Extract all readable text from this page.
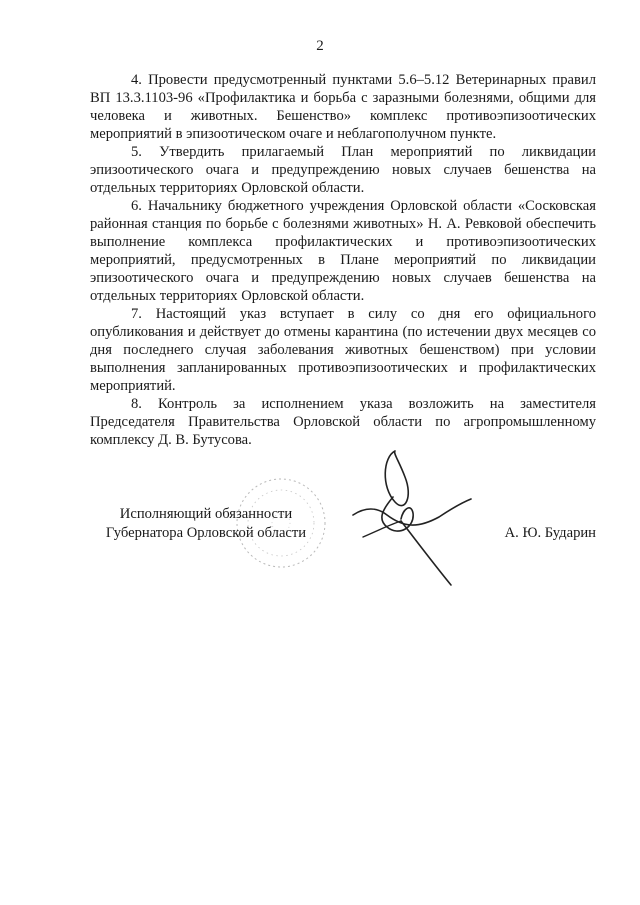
2

4. Провести предусмотренный пунктами 5.6–5.12 Ветеринарных правил ВП 13.3.1103-96 «Профилактика и борьба с заразными болезнями, общими для человека и животных. Бешенство» комплекс противоэпизоотических мероприятий в эпизоотическом очаге и неблагополучном пункте.

5. Утвердить прилагаемый План мероприятий по ликвидации эпизоотического очага и предупреждению новых случаев бешенства на отдельных территориях Орловской области.

6. Начальнику бюджетного учреждения Орловской области «Сосковская районная станция по борьбе с болезнями животных» Н. А. Ревковой обеспечить выполнение комплекса профилактических и противоэпизоотических мероприятий, предусмотренных в Плане мероприятий по ликвидации эпизоотического очага и предупреждению новых случаев бешенства на отдельных территориях Орловской области.

7. Настоящий указ вступает в силу со дня его официального опубликования и действует до отмены карантина (по истечении двух месяцев со дня последнего случая заболевания животных бешенством) при условии выполнения запланированных противоэпизоотических и профилактических мероприятий.

8. Контроль за исполнением указа возложить на заместителя Председателя Правительства Орловской области по агропромышленному комплексу Д. В. Бутусова.

Исполняющий обязанности
Губернатора Орловской области	А. Ю. Бударин
